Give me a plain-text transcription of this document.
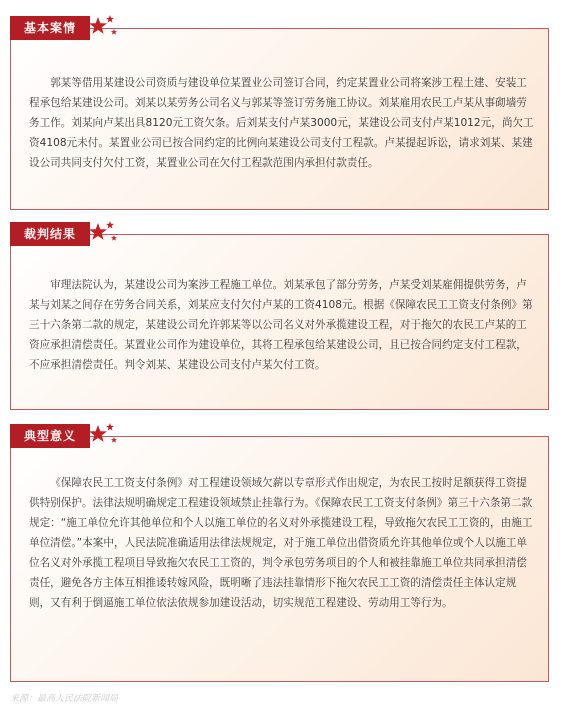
基本案情

郭某等借用某建设公司资质与建设单位某置业公司签订合同，约定某置业公司将案涉工程土建、安装工程承包给某建设公司。刘某以某劳务公司名义与郭某等签订劳务施工协议。刘某雇用农民工卢某从事砌墙劳务工作。刘某向卢某出具8120元工资欠条。后刘某支付卢某3000元，某建设公司支付卢某1012元，尚欠工资4108元未付。某置业公司已按合同约定的比例向某建设公司支付工程款。卢某提起诉讼，请求刘某、某建设公司共同支付欠付工资，某置业公司在欠付工程款范围内承担付款责任。

裁判结果

审理法院认为，某建设公司为案涉工程施工单位。刘某承包了部分劳务，卢某受刘某雇佣提供劳务，卢某与刘某之间存在劳务合同关系，刘某应支付欠付卢某的工资4108元。根据《保障农民工工资支付条例》第三十六条第二款的规定，某建设公司允许郭某等以公司名义对外承揽建设工程，对于拖欠的农民工卢某的工资应承担清偿责任。某置业公司作为建设单位，其将工程承包给某建设公司，且已按合同约定支付工程款，不应承担清偿责任。判令刘某、某建设公司支付卢某欠付工资。

典型意义

《保障农民工工资支付条例》对工程建设领域欠薪以专章形式作出规定，为农民工按时足额获得工资提供特别保护。法律法规明确规定工程建设领域禁止挂靠行为。《保障农民工工资支付条例》第三十六条第二款规定：“施工单位允许其他单位和个人以施工单位的名义对外承揽建设工程，导致拖欠农民工工资的，由施工单位清偿。”本案中，人民法院准确适用法律法规规定，对于施工单位出借资质允许其他单位或个人以施工单位名义对外承揽工程项目导致拖欠农民工工资的，判令承包劳务项目的个人和被挂靠施工单位共同承担清偿责任，避免各方主体互相推诿转嫁风险，既明晰了违法挂靠情形下拖欠农民工工资的清偿责任主体认定规则，又有利于倒逼施工单位依法依规参加建设活动，切实规范工程建设、劳动用工等行为。

来源：最高人民法院新闻局
